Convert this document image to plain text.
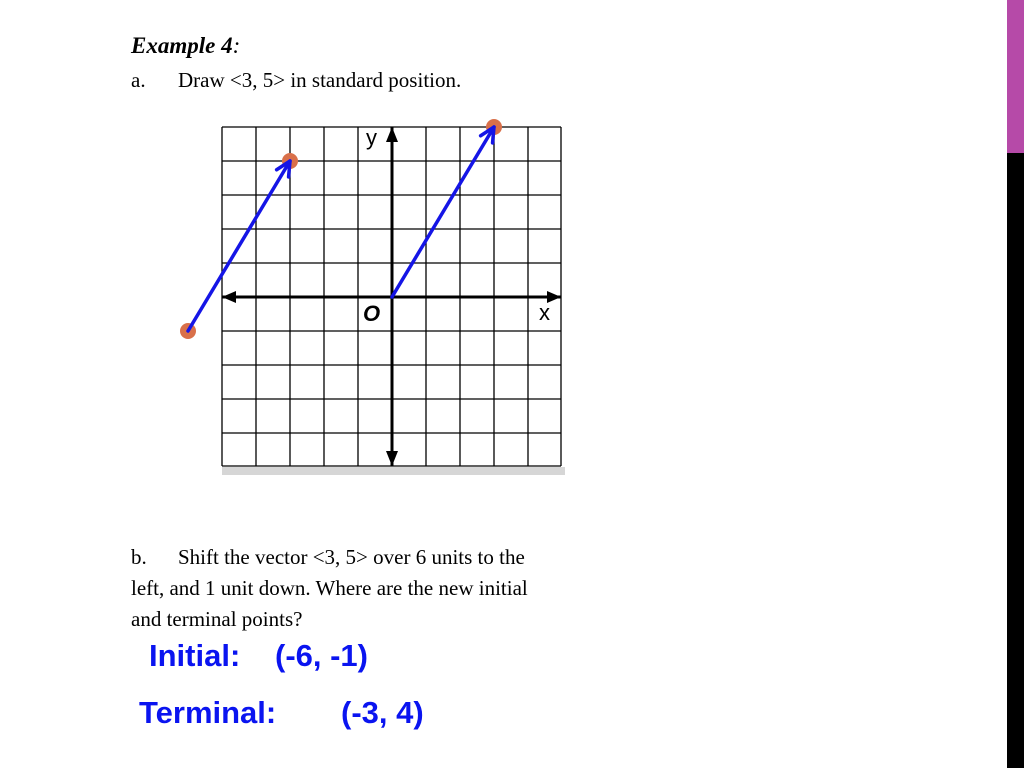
Example 4:
a. Draw <3, 5> in standard position.
y
x
O
b. Shift the vector <3, 5> over 6 units to the
left, and 1 unit down. Where are the new initial
and terminal points?
Initial: (-6, -1)
Terminal: (-3, 4)
